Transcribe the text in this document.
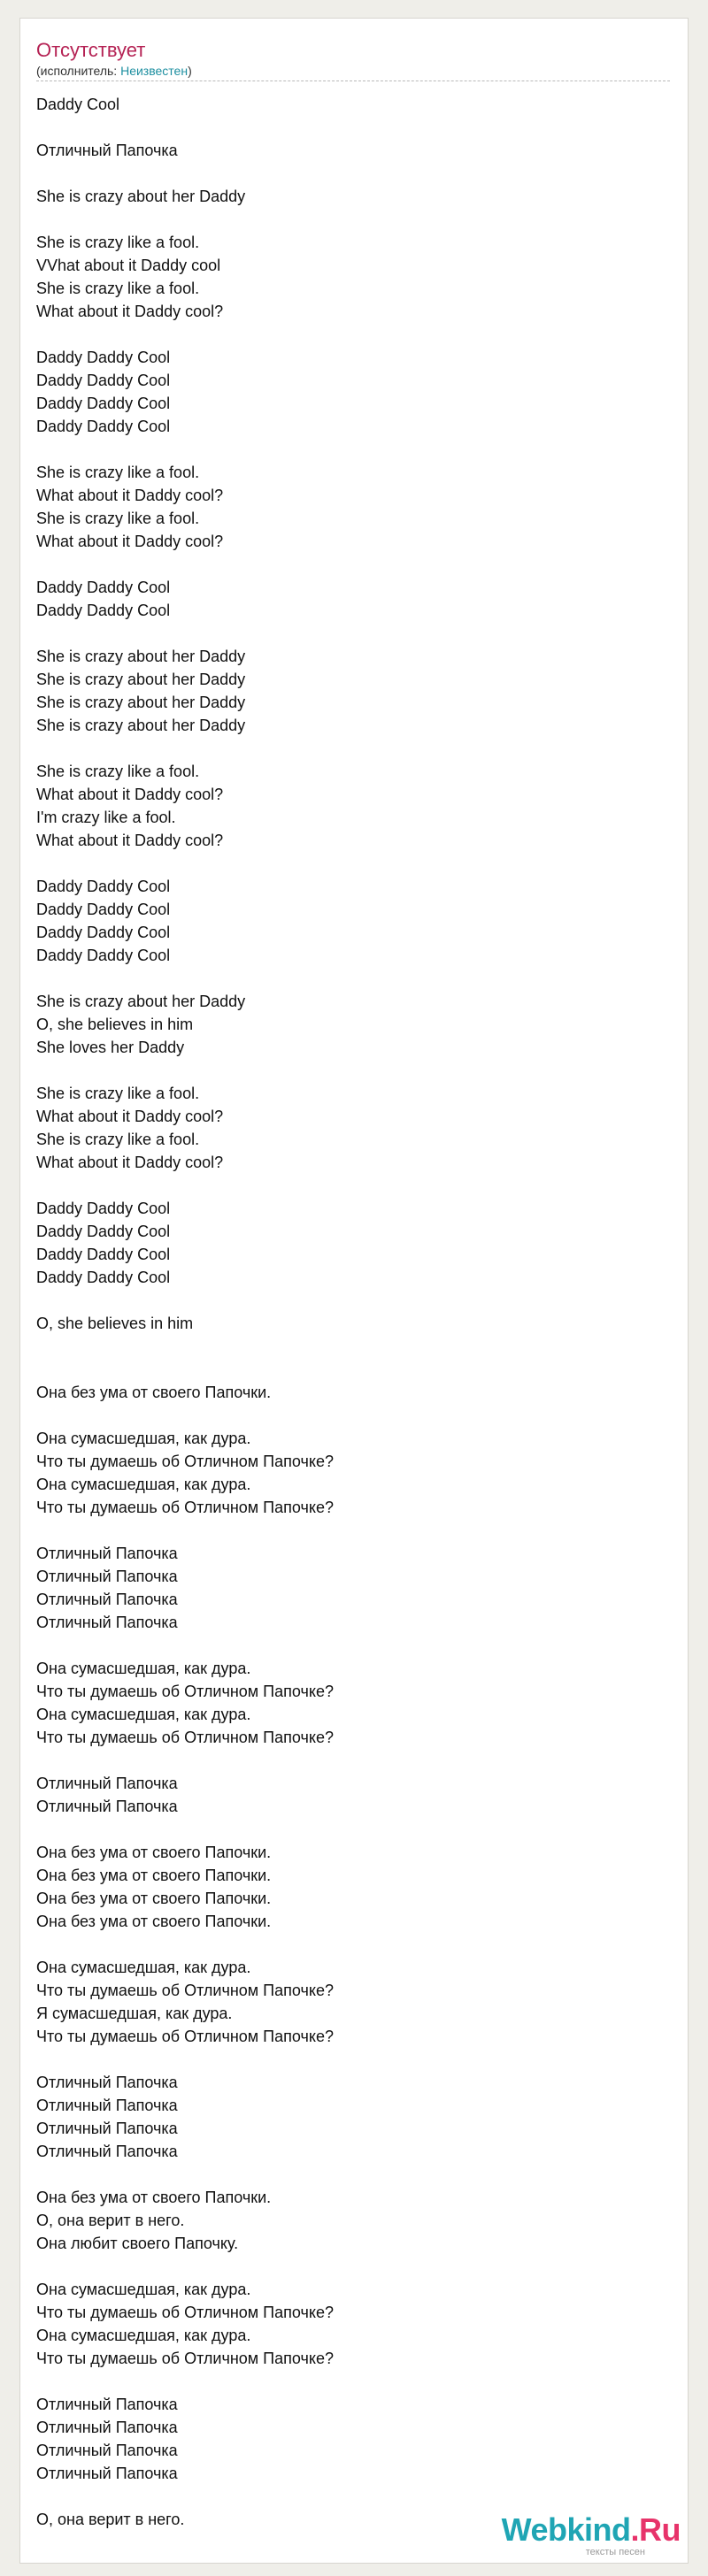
Отсутствует
(исполнитель: Неизвестен)
Daddy Cool
Отличный Папочка
She is crazy about her Daddy
She is crazy like a fool.
VVhat about it Daddy cool
She is crazy like a fool.
What about it Daddy cool?
Daddy Daddy Cool
Daddy Daddy Cool
Daddy Daddy Cool
Daddy Daddy Cool
She is crazy like a fool.
What about it Daddy cool?
She is crazy like a fool.
What about it Daddy cool?
Daddy Daddy Cool
Daddy Daddy Cool
She is crazy about her Daddy
She is crazy about her Daddy
She is crazy about her Daddy
She is crazy about her Daddy
She is crazy like a fool.
What about it Daddy cool?
I'm crazy like a fool.
What about it Daddy cool?
Daddy Daddy Cool
Daddy Daddy Cool
Daddy Daddy Cool
Daddy Daddy Cool
She is crazy about her Daddy
O, she believes in him
She loves her Daddy
She is crazy like a fool.
What about it Daddy cool?
She is crazy like a fool.
What about it Daddy cool?
Daddy Daddy Cool
Daddy Daddy Cool
Daddy Daddy Cool
Daddy Daddy Cool
O, she believes in him
Она без ума от своего Папочки.
Она сумасшедшая, как дура.
Что ты думаешь об Отличном Папочке?
Она сумасшедшая, как дура.
Что ты думаешь об Отличном Папочке?
Отличный Папочка
Отличный Папочка
Отличный Папочка
Отличный Папочка
Она сумасшедшая, как дура.
Что ты думаешь об Отличном Папочке?
Она сумасшедшая, как дура.
Что ты думаешь об Отличном Папочке?
Отличный Папочка
Отличный Папочка
Она без ума от своего Папочки.
Она без ума от своего Папочки.
Она без ума от своего Папочки.
Она без ума от своего Папочки.
Она сумасшедшая, как дура.
Что ты думаешь об Отличном Папочке?
Я сумасшедшая, как дура.
Что ты думаешь об Отличном Папочке?
Отличный Папочка
Отличный Папочка
Отличный Папочка
Отличный Папочка
Она без ума от своего Папочки.
О, она верит в него.
Она любит своего Папочку.
Она сумасшедшая, как дура.
Что ты думаешь об Отличном Папочке?
Она сумасшедшая, как дура.
Что ты думаешь об Отличном Папочке?
Отличный Папочка
Отличный Папочка
Отличный Папочка
Отличный Папочка
О, она верит в него.	Webkind.Ru
тексты песен
